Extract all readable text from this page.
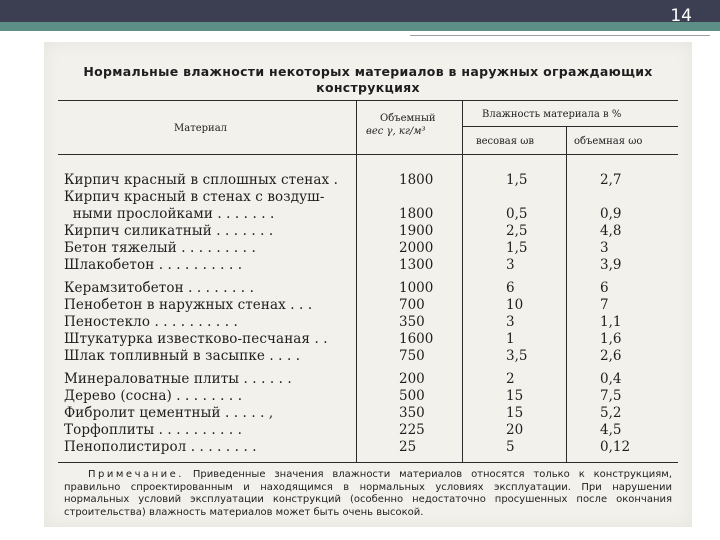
14
Нормальные влажности некоторых материалов в наружных ограждающих
конструкциях
Материал
Объемный
вес γ, кг/м³
Влажность материала в %
весовая ωв	объемная ωо
Кирпич красный в сплошных стенах .	1800	1,5	2,7
Кирпич красный в стенах с воздуш-
ными прослойками . . . . . . .	1800	0,5	0,9
Кирпич силикатный . . . . . . .	1900	2,5	4,8
Бетон тяжелый . . . . . . . . .	2000	1,5	3
Шлакобетон . . . . . . . . . .	1300	3	3,9
Керамзитобетон . . . . . . . .	1000	6	6
Пенобетон в наружных стенах . . .	700	10	7
Пеностекло . . . . . . . . . .	350	3	1,1
Штукатурка известково-песчаная . .	1600	1	1,6
Шлак топливный в засыпке . . . .	750	3,5	2,6
Минераловатные плиты . . . . . .	200	2	0,4
Дерево (сосна) . . . . . . . .	500	15	7,5
Фибролит цементный . . . . . ,	350	15	5,2
Торфоплиты . . . . . . . . . .	225	20	4,5
Пенополистирол . . . . . . . .	25	5	0,12
Примечание. Приведенные значения влажности материалов относятся только к конструкциям, правильно спроектированным и находящимся в нормальных условиях эксплуатации. При нарушении нормальных условий эксплуатации конструкций (особенно недостаточно просушенных после окончания строительства) влажность материалов может быть очень высокой.
